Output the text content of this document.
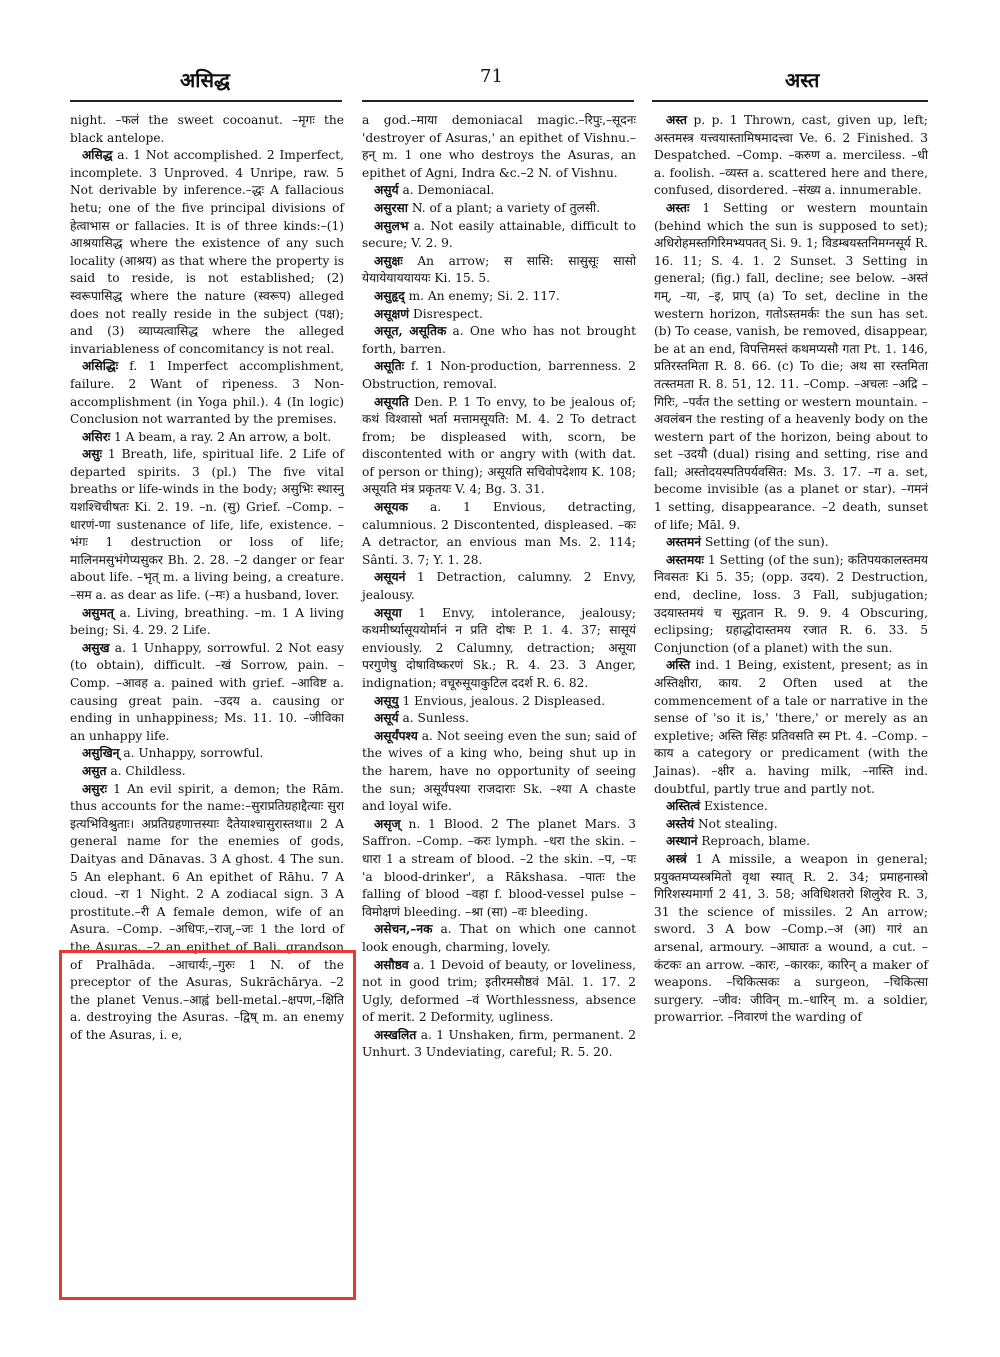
असिद्ध	71	अस्त

night. –फलं the sweet cocoanut. –मृगः the black antelope.

असिद्ध a. 1 Not accomplished. 2 Imperfect, incomplete. 3 Unproved. 4 Unripe, raw. 5 Not derivable by inference.–द्धः A fallacious hetu; one of the five principal divisions of हेत्वाभास or fallacies. It is of three kinds:–(1) आश्रयासिद्ध where the existence of any such locality (आश्रय) as that where the property is said to reside, is not established; (2) स्वरूपासिद्ध where the nature (स्वरूप) alleged does not really reside in the subject (पक्ष); and (3) व्याप्यत्वासिद्ध where the alleged invariableness of concomitancy is not real.

असिद्धिः f. 1 Imperfect accomplishment, failure. 2 Want of ripeness. 3 Non-accomplishment (in Yoga phil.). 4 (In logic) Conclusion not warranted by the premises.

असिरः 1 A beam, a ray. 2 An arrow, a bolt.

असुः 1 Breath, life, spiritual life. 2 Life of departed spirits. 3 (pl.) The five vital breaths or life-winds in the body; असुभिः स्थास्नु यशश्चिचीषतः Ki. 2. 19. –n. (सु) Grief. –Comp. –धारणं-णा sustenance of life, life, existence. –भंगः 1 destruction or loss of life; मालिनमसुभंगेप्यसुकर Bh. 2. 28. –2 danger or fear about life. –भृत् m. a living being, a creature. –सम a. as dear as life. (–मः) a husband, lover.

असुमत् a. Living, breathing. –m. 1 A living being; Si. 4. 29. 2 Life.

असुख a. 1 Unhappy, sorrowful. 2 Not easy (to obtain), difficult. –खं Sorrow, pain. –Comp. –आवह a. pained with grief. –आविष्ट a. causing great pain. –उदय a. causing or ending in unhappiness; Ms. 11. 10. –जीविका an unhappy life.

असुखिन् a. Unhappy, sorrowful.

असुत a. Childless.

असुरः 1 An evil spirit, a demon; the Rām. thus accounts for the name:–सुराप्रतिग्रहाद्दैत्याः सुरा इत्यभिविश्रुताः। अप्रतिग्रहणात्तस्याः दैतेयाश्चासुरास्तथा॥ 2 A general name for the enemies of gods, Daityas and Dānavas. 3 A ghost. 4 The sun. 5 An elephant. 6 An epithet of Rāhu. 7 A cloud. –रा 1 Night. 2 A zodiacal sign. 3 A prostitute.–री A female demon, wife of an Asura. –Comp. –अधिपः,–राज्,–जः 1 the lord of the Asuras. –2 an epithet of Bali, grandson of Pralhāda. –आचार्यः,–गुरुः 1 N. of the preceptor of the Asuras, Sukrāchārya. –2 the planet Venus.–आह्वं bell-metal.–क्षपण,–क्षिति a. destroying the Asuras. –द्विष् m. an enemy of the Asuras, i. e,

a god.–माया demoniacal magic.–रिपुः,–सूदनः 'destroyer of Asuras,' an epithet of Vishnu.–हन् m. 1 one who destroys the Asuras, an epithet of Agni, Indra &c.–2 N. of Vishnu.

असुर्य a. Demoniacal.

असुरसा N. of a plant; a variety of तुलसी.

असुलभ a. Not easily attainable, difficult to secure; V. 2. 9.

असुक्षः An arrow; स सासि: सासुसूः सासो येयायेयाययाययः Ki. 15. 5.

असुहृद् m. An enemy; Si. 2. 117.

असूक्षणं Disrespect.

असूत, असूतिक a. One who has not brought forth, barren.

असूतिः f. 1 Non-production, barrenness. 2 Obstruction, removal.

असूयति Den. P. 1 To envy, to be jealous of; कथं विश्वासो भर्ता मत्तामसूयति: M. 4. 2 To detract from; be displeased with, scorn, be discontented with or angry with (with dat. of person or thing); असूयति सचिवोपदेशाय K. 108; असूयति मंत्र प्रकृतयः V. 4; Bg. 3. 31.

असूयक a. 1 Envious, detracting, calumnious. 2 Discontented, displeased. –कः A detractor, an envious man Ms. 2. 114; Sânti. 3. 7; Y. 1. 28.

असूयनं 1 Detraction, calumny. 2 Envy, jealousy.

असूया 1 Envy, intolerance, jealousy; कथमीर्ष्यासूययोर्मानं न प्रति दोषः P. 1. 4. 37; सासूयं enviously. 2 Calumny, detraction; असूया परगुणेषु दोषाविष्करणं Sk.; R. 4. 23. 3 Anger, indignation; वचूरुसूयाकुटिल ददर्श R. 6. 82.

असूयु 1 Envious, jealous. 2 Displeased.

असूर्य a. Sunless.

असूर्यंपश्य a. Not seeing even the sun; said of the wives of a king who, being shut up in the harem, have no opportunity of seeing the sun; असूर्यंपश्या राजदाराः Sk. –श्या A chaste and loyal wife.

असृज् n. 1 Blood. 2 The planet Mars. 3 Saffron. –Comp. –करः lymph. –धरा the skin. –धारा 1 a stream of blood. –2 the skin. –प, –पः 'a blood-drinker', a Rākshasa. –पातः the falling of blood –वहा f. blood-vessel pulse –विमोक्षणं bleeding. –श्रा (सा) –वः bleeding.

असेचन,–नक a. That on which one cannot look enough, charming, lovely.

असौष्ठव a. 1 Devoid of beauty, or loveliness, not in good trim; इतीरमसौष्ठवं Māl. 1. 17. 2 Ugly, deformed –वं Worthlessness, absence of merit. 2 Deformity, ugliness.

अस्खलित a. 1 Unshaken, firm, permanent. 2 Unhurt. 3 Undeviating, careful; R. 5. 20.

अस्त p. p. 1 Thrown, cast, given up, left; अस्तमस्त्र यत्त्वयास्तामिषमादत्त्वा Ve. 6. 2 Finished. 3 Despatched. –Comp. –करुण a. merciless. –धी a. foolish. –व्यस्त a. scattered here and there, confused, disordered. –संख्य a. innumerable.

अस्तः 1 Setting or western mountain (behind which the sun is supposed to set); अधिरोहमस्तगिरिमभ्यपतत् Si. 9. 1; विडम्बयस्तनिमग्नसूर्य R. 16. 11; S. 4. 1. 2 Sunset. 3 Setting in general; (fig.) fall, decline; see below. –अस्तं गम्, –या, –इ, प्राप् (a) To set, decline in the western horizon, गतोऽस्तमर्कः the sun has set. (b) To cease, vanish, be removed, disappear, be at an end, विपत्तिमस्तं कथमप्यसौ गता Pt. 1. 146, प्रतिरस्तमिता R. 8. 66. (c) To die; अथ सा रस्तमिता तत्स्तमता R. 8. 51, 12. 11. –Comp. –अचलः –अद्रि –गिरिः, –पर्वत the setting or western mountain. –अवलंबन the resting of a heavenly body on the western part of the horizon, being about to set –उदयौ (dual) rising and setting, rise and fall; अस्तोदयस्पतिपर्यवसित: Ms. 3. 17. –ग a. set, become invisible (as a planet or star). –गमनं 1 setting, disappearance. –2 death, sunset of life; Māl. 9.

अस्तमनं Setting (of the sun).

अस्तमयः 1 Setting (of the sun); कतिपयकालस्तमय निवसतः Ki 5. 35; (opp. उदय). 2 Destruction, end, decline, loss. 3 Fall, subjugation; उदयास्तमयं च सूद्गतान R. 9. 9. 4 Obscuring, eclipsing; ग्रहाद्धोदास्तमय रजात R. 6. 33. 5 Conjunction (of a planet) with the sun.

अस्ति ind. 1 Being, existent, present; as in अस्तिक्षीरा, काय. 2 Often used at the commencement of a tale or narrative in the sense of 'so it is,' 'there,' or merely as an expletive; अस्ति सिंहः प्रतिवसति स्म Pt. 4. –Comp. –काय a category or predicament (with the Jainas). –क्षीर a. having milk, –नास्ति ind. doubtful, partly true and partly not.

अस्तित्वं Existence.

अस्तेयं Not stealing.

अस्थानं Reproach, blame.

अस्त्रं 1 A missile, a weapon in general; प्रयुक्तमप्यस्त्रमितो वृथा स्यात् R. 2. 34; प्रमाहनास्त्रो गिरिशस्यमार्गा 2 41, 3. 58; अविधिशतरो शिलुरेव R. 3, 31 the science of missiles. 2 An arrow; sword. 3 A bow –Comp.–अ (आ) गारं an arsenal, armoury. –आघातः a wound, a cut. –कंटकः an arrow. –कारः, –कारकः, कारिन् a maker of weapons. –चिकित्सकः a surgeon, –चिकित्सा surgery. –जीव: जीविन् m.–धारिन् m. a soldier, prowarrior. –निवारणं the warding of
